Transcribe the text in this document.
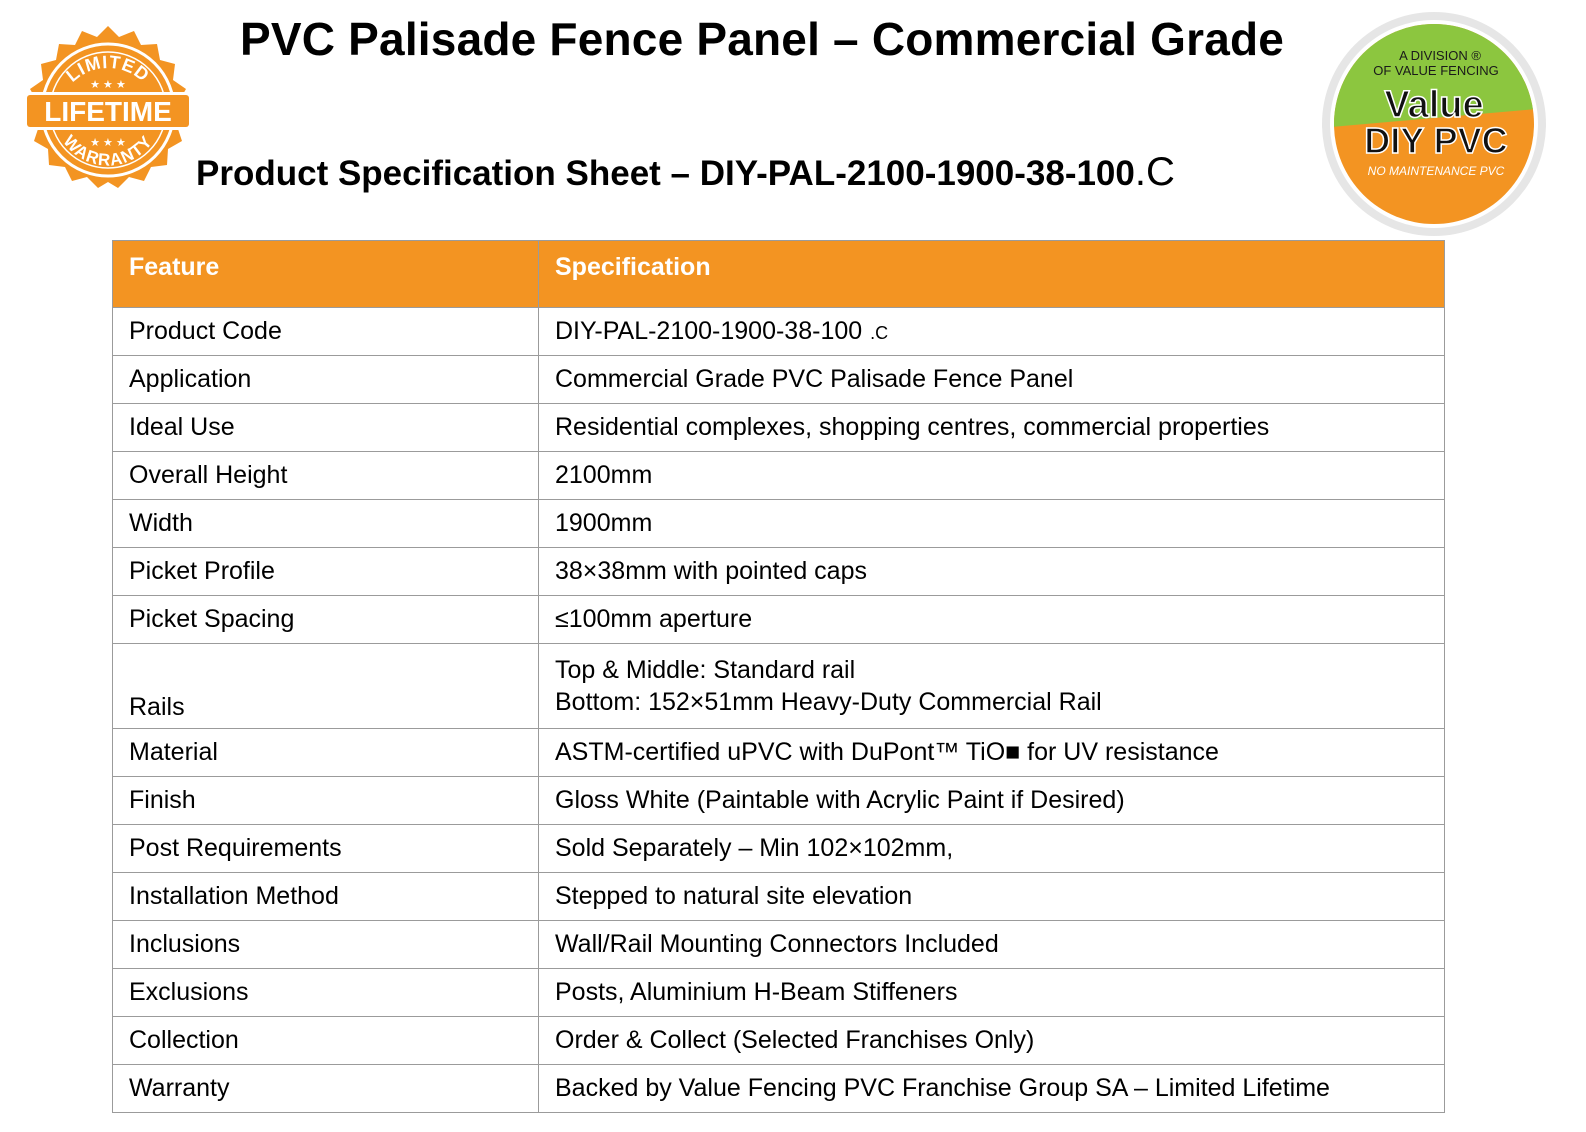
LIMITED
LIFETIME
WARRANTY
★ ★ ★
★ ★ ★
PVC Palisade Fence Panel – Commercial Grade
Product Specification Sheet – DIY-PAL-2100-1900-38-100.C
A DIVISION ®
OF VALUE FENCING
Value
DIY PVC
NO MAINTENANCE PVC
Feature	Specification
Product Code	DIY-PAL-2100-1900-38-100 .C
Application	Commercial Grade PVC Palisade Fence Panel
Ideal Use	Residential complexes, shopping centres, commercial properties
Overall Height	2100mm
Width	1900mm
Picket Profile	38×38mm with pointed caps
Picket Spacing	≤100mm aperture
Rails	Top & Middle: Standard rail
Bottom: 152×51mm Heavy-Duty Commercial Rail

Material	ASTM-certified uPVC with DuPont™ TiO■ for UV resistance
Finish	Gloss White (Paintable with Acrylic Paint if Desired)
Post Requirements	Sold Separately – Min 102×102mm,
Installation Method	Stepped to natural site elevation
Inclusions	Wall/Rail Mounting Connectors Included
Exclusions	Posts, Aluminium H-Beam Stiffeners
Collection	Order & Collect (Selected Franchises Only)
Warranty	Backed by Value Fencing PVC Franchise Group SA – Limited Lifetime
